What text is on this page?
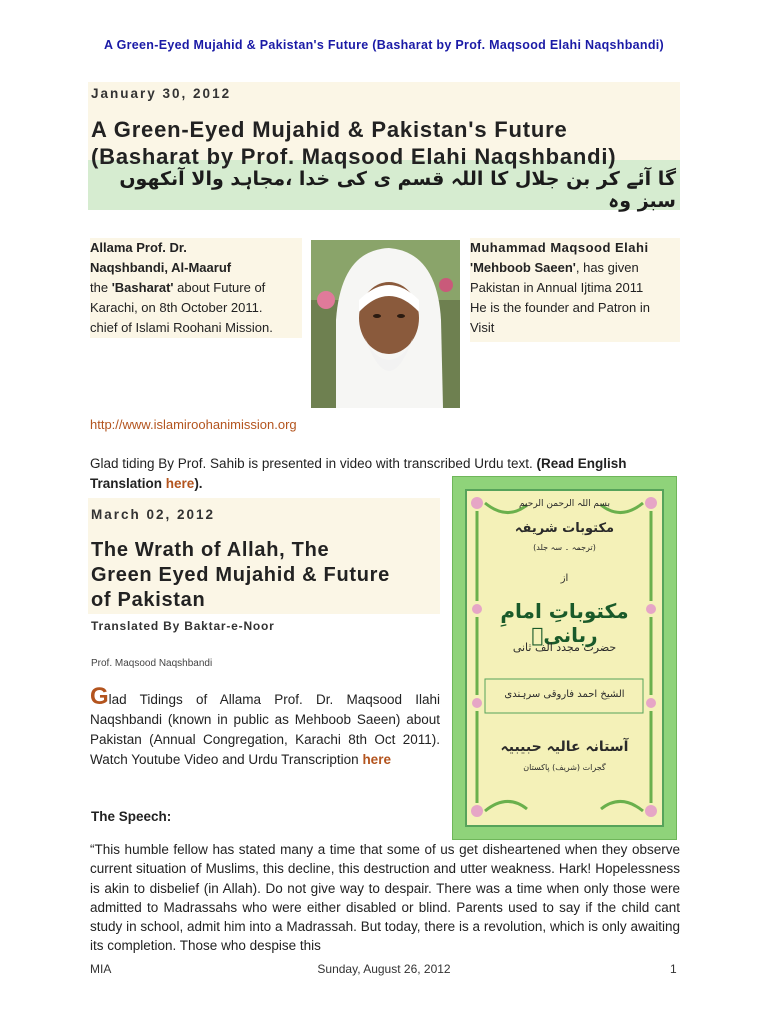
A Green-Eyed Mujahid & Pakistan's Future (Basharat by Prof. Maqsood Elahi Naqshbandi)
January 30, 2012
A Green-Eyed Mujahid & Pakistan's Future
(Basharat by Prof. Maqsood Elahi Naqshbandi)
گا آئے کر بن جلال کا اللہ قسم ی کی خدا ،مجاہد والا آنکھوں سبز وہ
Allama Prof. Dr.
Naqshbandi, Al-Maaruf
the 'Basharat' about Future of
Karachi, on 8th October 2011.
chief of Islami Roohani Mission.
Muhammad Maqsood Elahi
'Mehboob Saeen', has given
Pakistan in Annual Ijtima 2011
He is the founder and Patron in
Visit
http://www.islamiroohanimission.org
Glad tiding By Prof. Sahib is presented in video with transcribed Urdu text. (Read English Translation here).
March 02, 2012
The Wrath of Allah, The
Green Eyed Mujahid & Future
of Pakistan
Translated By Baktar-e-Noor
Prof. Maqsood Naqshbandi
Glad Tidings of Allama Prof. Dr. Maqsood Ilahi Naqshbandi (known in public as Mehboob Saeen) about Pakistan (Annual Congregation, Karachi 8th Oct 2011). Watch Youtube Video and Urdu Transcription here
The Speech:
“This humble fellow has stated many a time that some of us get disheartened when they observe current situation of Muslims, this decline, this destruction and utter weakness. Hark! Hopelessness is akin to disbelief (in Allah). Do not give way to despair. There was a time when only those were admitted to Madrassahs who were either disabled or blind. Parents used to say if the child cant study in school, admit him into a Madrassah. But today, there is a revolution, which is only awaiting its completion. Those who despise this
بسم اللہ الرحمن الرحیم
مکتوبات شریفہ
(ترجمہ ۔ سہ جلد)
از
مکتوباتِ امامِ ربانیؒ
حضرت مجدد الف ثانی
الشیخ احمد فاروقی سرہندی
آستانہ عالیہ حبیبیہ
گجرات (شریف) پاکستان
MIA	Sunday, August 26, 2012	1
